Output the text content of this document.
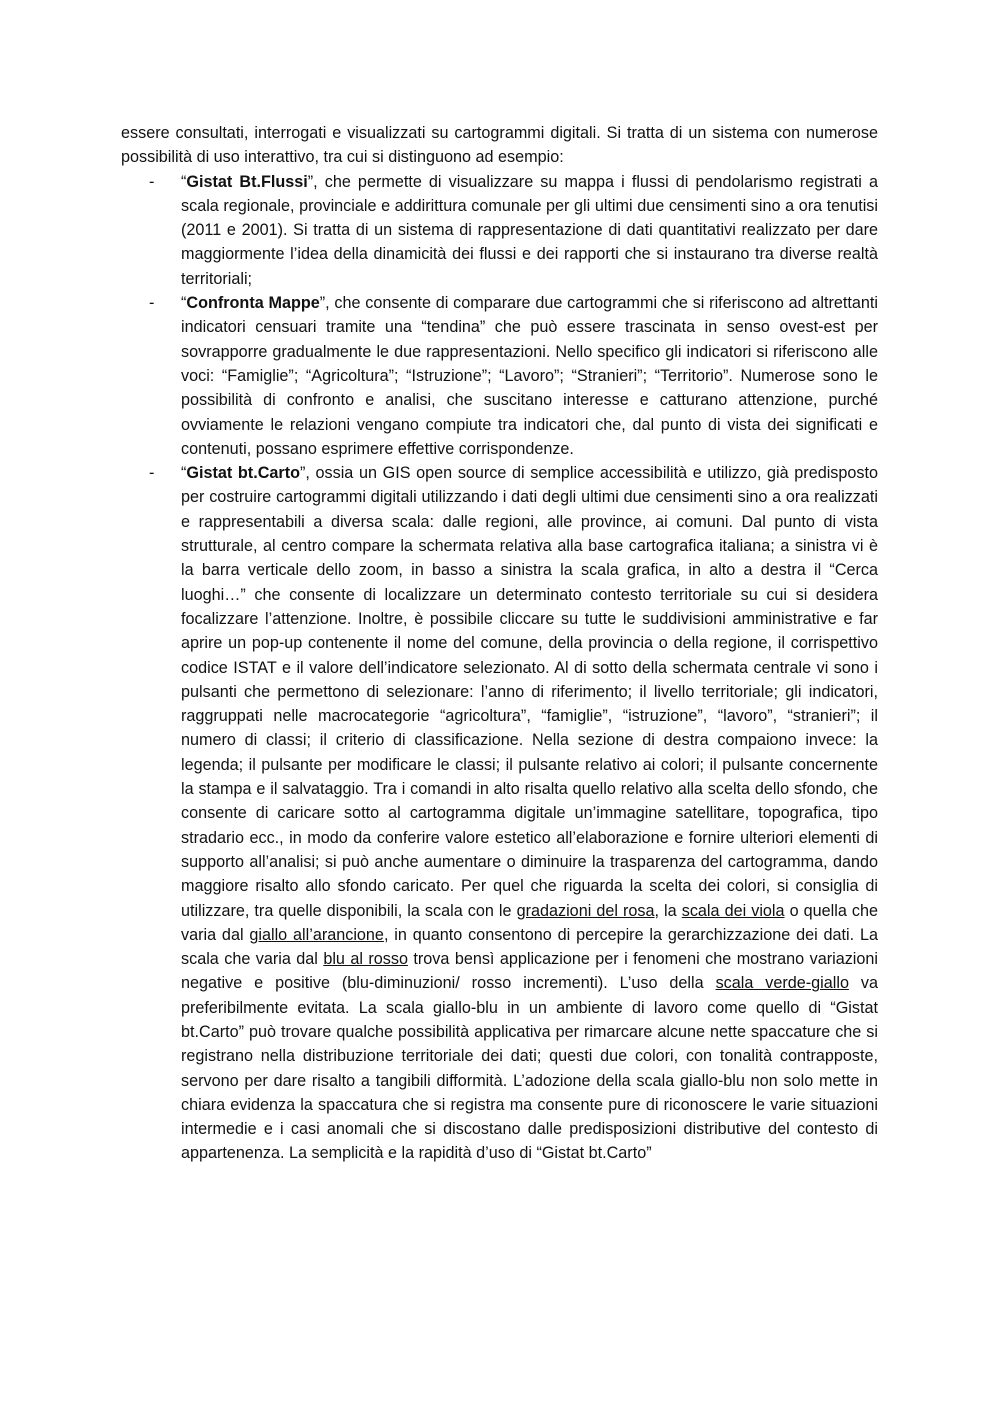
essere consultati, interrogati e visualizzati su cartogrammi digitali. Si tratta di un sistema con numerose possibilità di uso interattivo, tra cui si distinguono ad esempio:

- “Gistat Bt.Flussi”, che permette di visualizzare su mappa i flussi di pendolarismo registrati a scala regionale, provinciale e addirittura comunale per gli ultimi due censimenti sino a ora tenutisi (2011 e 2001). Si tratta di un sistema di rappresentazione di dati quantitativi realizzato per dare maggiormente l’idea della dinamicità dei flussi e dei rapporti che si instaurano tra diverse realtà territoriali;
- “Confronta Mappe”, che consente di comparare due cartogrammi che si riferiscono ad altrettanti indicatori censuari tramite una “tendina” che può essere trascinata in senso ovest-est per sovrapporre gradualmente le due rappresentazioni. Nello specifico gli indicatori si riferiscono alle voci: “Famiglie”; “Agricoltura”; “Istruzione”; “Lavoro”; “Stranieri”; “Territorio”. Numerose sono le possibilità di confronto e analisi, che suscitano interesse e catturano attenzione, purché ovviamente le relazioni vengano compiute tra indicatori che, dal punto di vista dei significati e contenuti, possano esprimere effettive corrispondenze.
- “Gistat bt.Carto”, ossia un GIS open source di semplice accessibilità e utilizzo, già predisposto per costruire cartogrammi digitali utilizzando i dati degli ultimi due censimenti sino a ora realizzati e rappresentabili a diversa scala: dalle regioni, alle province, ai comuni. Dal punto di vista strutturale, al centro compare la schermata relativa alla base cartografica italiana; a sinistra vi è la barra verticale dello zoom, in basso a sinistra la scala grafica, in alto a destra il “Cerca luoghi…” che consente di localizzare un determinato contesto territoriale su cui si desidera focalizzare l’attenzione. Inoltre, è possibile cliccare su tutte le suddivisioni amministrative e far aprire un pop-up contenente il nome del comune, della provincia o della regione, il corrispettivo codice ISTAT e il valore dell’indicatore selezionato. Al di sotto della schermata centrale vi sono i pulsanti che permettono di selezionare: l’anno di riferimento; il livello territoriale; gli indicatori, raggruppati nelle macrocategorie “agricoltura”, “famiglie”, “istruzione”, “lavoro”, “stranieri”; il numero di classi; il criterio di classificazione. Nella sezione di destra compaiono invece: la legenda; il pulsante per modificare le classi; il pulsante relativo ai colori; il pulsante concernente la stampa e il salvataggio. Tra i comandi in alto risalta quello relativo alla scelta dello sfondo, che consente di caricare sotto al cartogramma digitale un’immagine satellitare, topografica, tipo stradario ecc., in modo da conferire valore estetico all’elaborazione e fornire ulteriori elementi di supporto all’analisi; si può anche aumentare o diminuire la trasparenza del cartogramma, dando maggiore risalto allo sfondo caricato. Per quel che riguarda la scelta dei colori, si consiglia di utilizzare, tra quelle disponibili, la scala con le gradazioni del rosa, la scala dei viola o quella che varia dal giallo all’arancione, in quanto consentono di percepire la gerarchizzazione dei dati. La scala che varia dal blu al rosso trova bensì applicazione per i fenomeni che mostrano variazioni negative e positive (blu-diminuzioni/ rosso incrementi). L’uso della scala verde-giallo va preferibilmente evitata. La scala giallo-blu in un ambiente di lavoro come quello di “Gistat bt.Carto” può trovare qualche possibilità applicativa per rimarcare alcune nette spaccature che si registrano nella distribuzione territoriale dei dati; questi due colori, con tonalità contrapposte, servono per dare risalto a tangibili difformità. L’adozione della scala giallo-blu non solo mette in chiara evidenza la spaccatura che si registra ma consente pure di riconoscere le varie situazioni intermedie e i casi anomali che si discostano dalle predisposizioni distributive del contesto di appartenenza. La semplicità e la rapidità d’uso di “Gistat bt.Carto”
